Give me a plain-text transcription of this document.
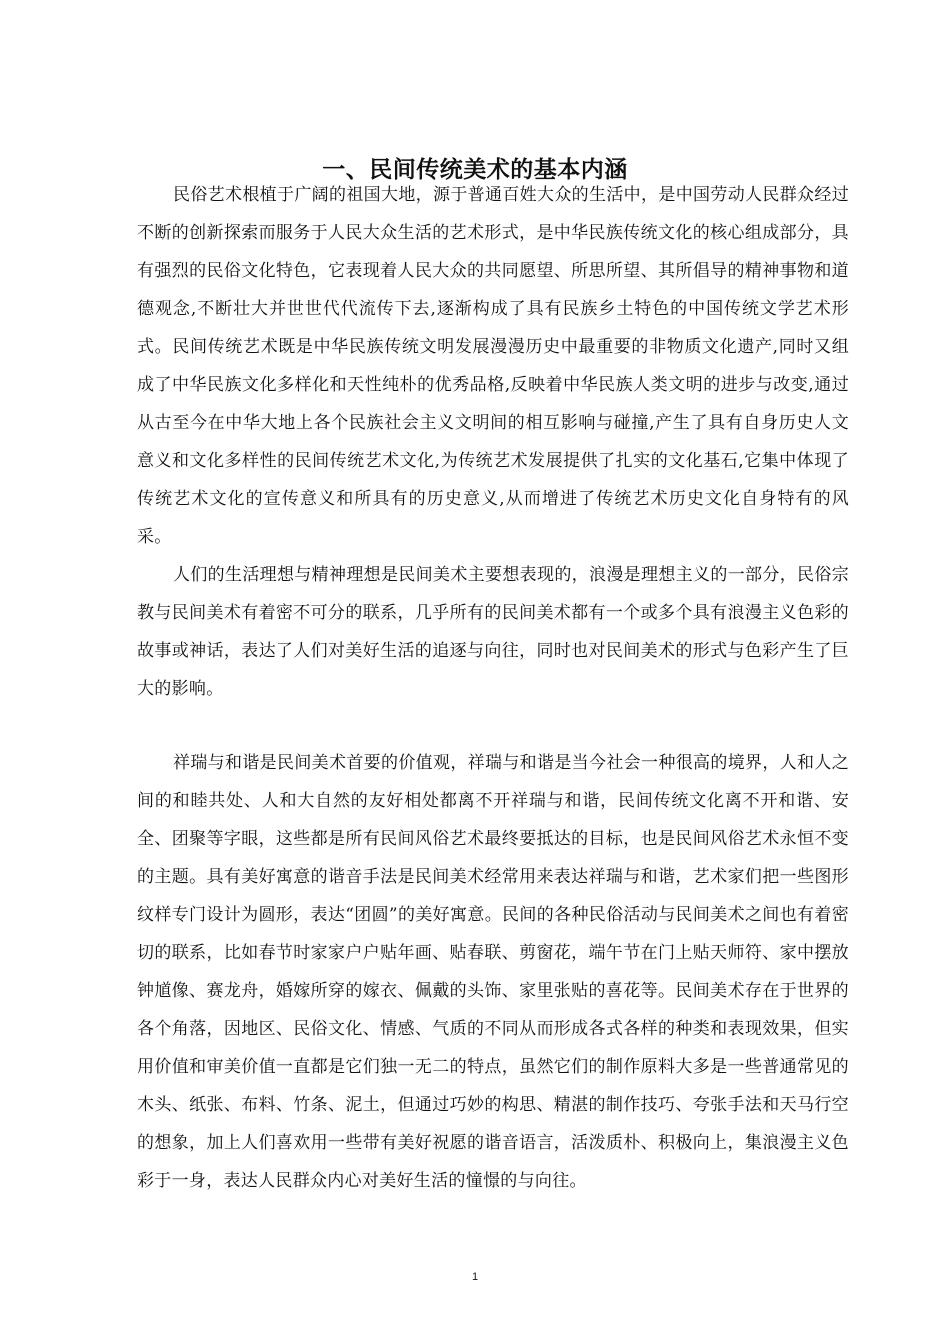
一、民间传统美术的基本内涵

民俗艺术根植于广阔的祖国大地，源于普通百姓大众的生活中，是中国劳动人民群众经过不断的创新探索而服务于人民大众生活的艺术形式，是中华民族传统文化的核心组成部分，具有强烈的民俗文化特色，它表现着人民大众的共同愿望、所思所望、其所倡导的精神事物和道德观念,不断壮大并世世代代流传下去,逐渐构成了具有民族乡土特色的中国传统文学艺术形式。民间传统艺术既是中华民族传统文明发展漫漫历史中最重要的非物质文化遗产,同时又组成了中华民族文化多样化和天性纯朴的优秀品格,反映着中华民族人类文明的进步与改变,通过从古至今在中华大地上各个民族社会主义文明间的相互影响与碰撞,产生了具有自身历史人文意义和文化多样性的民间传统艺术文化,为传统艺术发展提供了扎实的文化基石,它集中体现了传统艺术文化的宣传意义和所具有的历史意义,从而增进了传统艺术历史文化自身特有的风采。

人们的生活理想与精神理想是民间美术主要想表现的，浪漫是理想主义的一部分，民俗宗教与民间美术有着密不可分的联系，几乎所有的民间美术都有一个或多个具有浪漫主义色彩的故事或神话，表达了人们对美好生活的追逐与向往，同时也对民间美术的形式与色彩产生了巨大的影响。

祥瑞与和谐是民间美术首要的价值观，祥瑞与和谐是当今社会一种很高的境界，人和人之间的和睦共处、人和大自然的友好相处都离不开祥瑞与和谐，民间传统文化离不开和谐、安全、团聚等字眼，这些都是所有民间风俗艺术最终要抵达的目标，也是民间风俗艺术永恒不变的主题。具有美好寓意的谐音手法是民间美术经常用来表达祥瑞与和谐，艺术家们把一些图形纹样专门设计为圆形，表达“团圆”的美好寓意。民间的各种民俗活动与民间美术之间也有着密切的联系，比如春节时家家户户贴年画、贴春联、剪窗花，端午节在门上贴天师符、家中摆放钟馗像、赛龙舟，婚嫁所穿的嫁衣、佩戴的头饰、家里张贴的喜花等。民间美术存在于世界的各个角落，因地区、民俗文化、情感、气质的不同从而形成各式各样的种类和表现效果，但实用价值和审美价值一直都是它们独一无二的特点，虽然它们的制作原料大多是一些普通常见的木头、纸张、布料、竹条、泥土，但通过巧妙的构思、精湛的制作技巧、夸张手法和天马行空的想象，加上人们喜欢用一些带有美好祝愿的谐音语言，活泼质朴、积极向上，集浪漫主义色彩于一身，表达人民群众内心对美好生活的憧憬的与向往。

1
